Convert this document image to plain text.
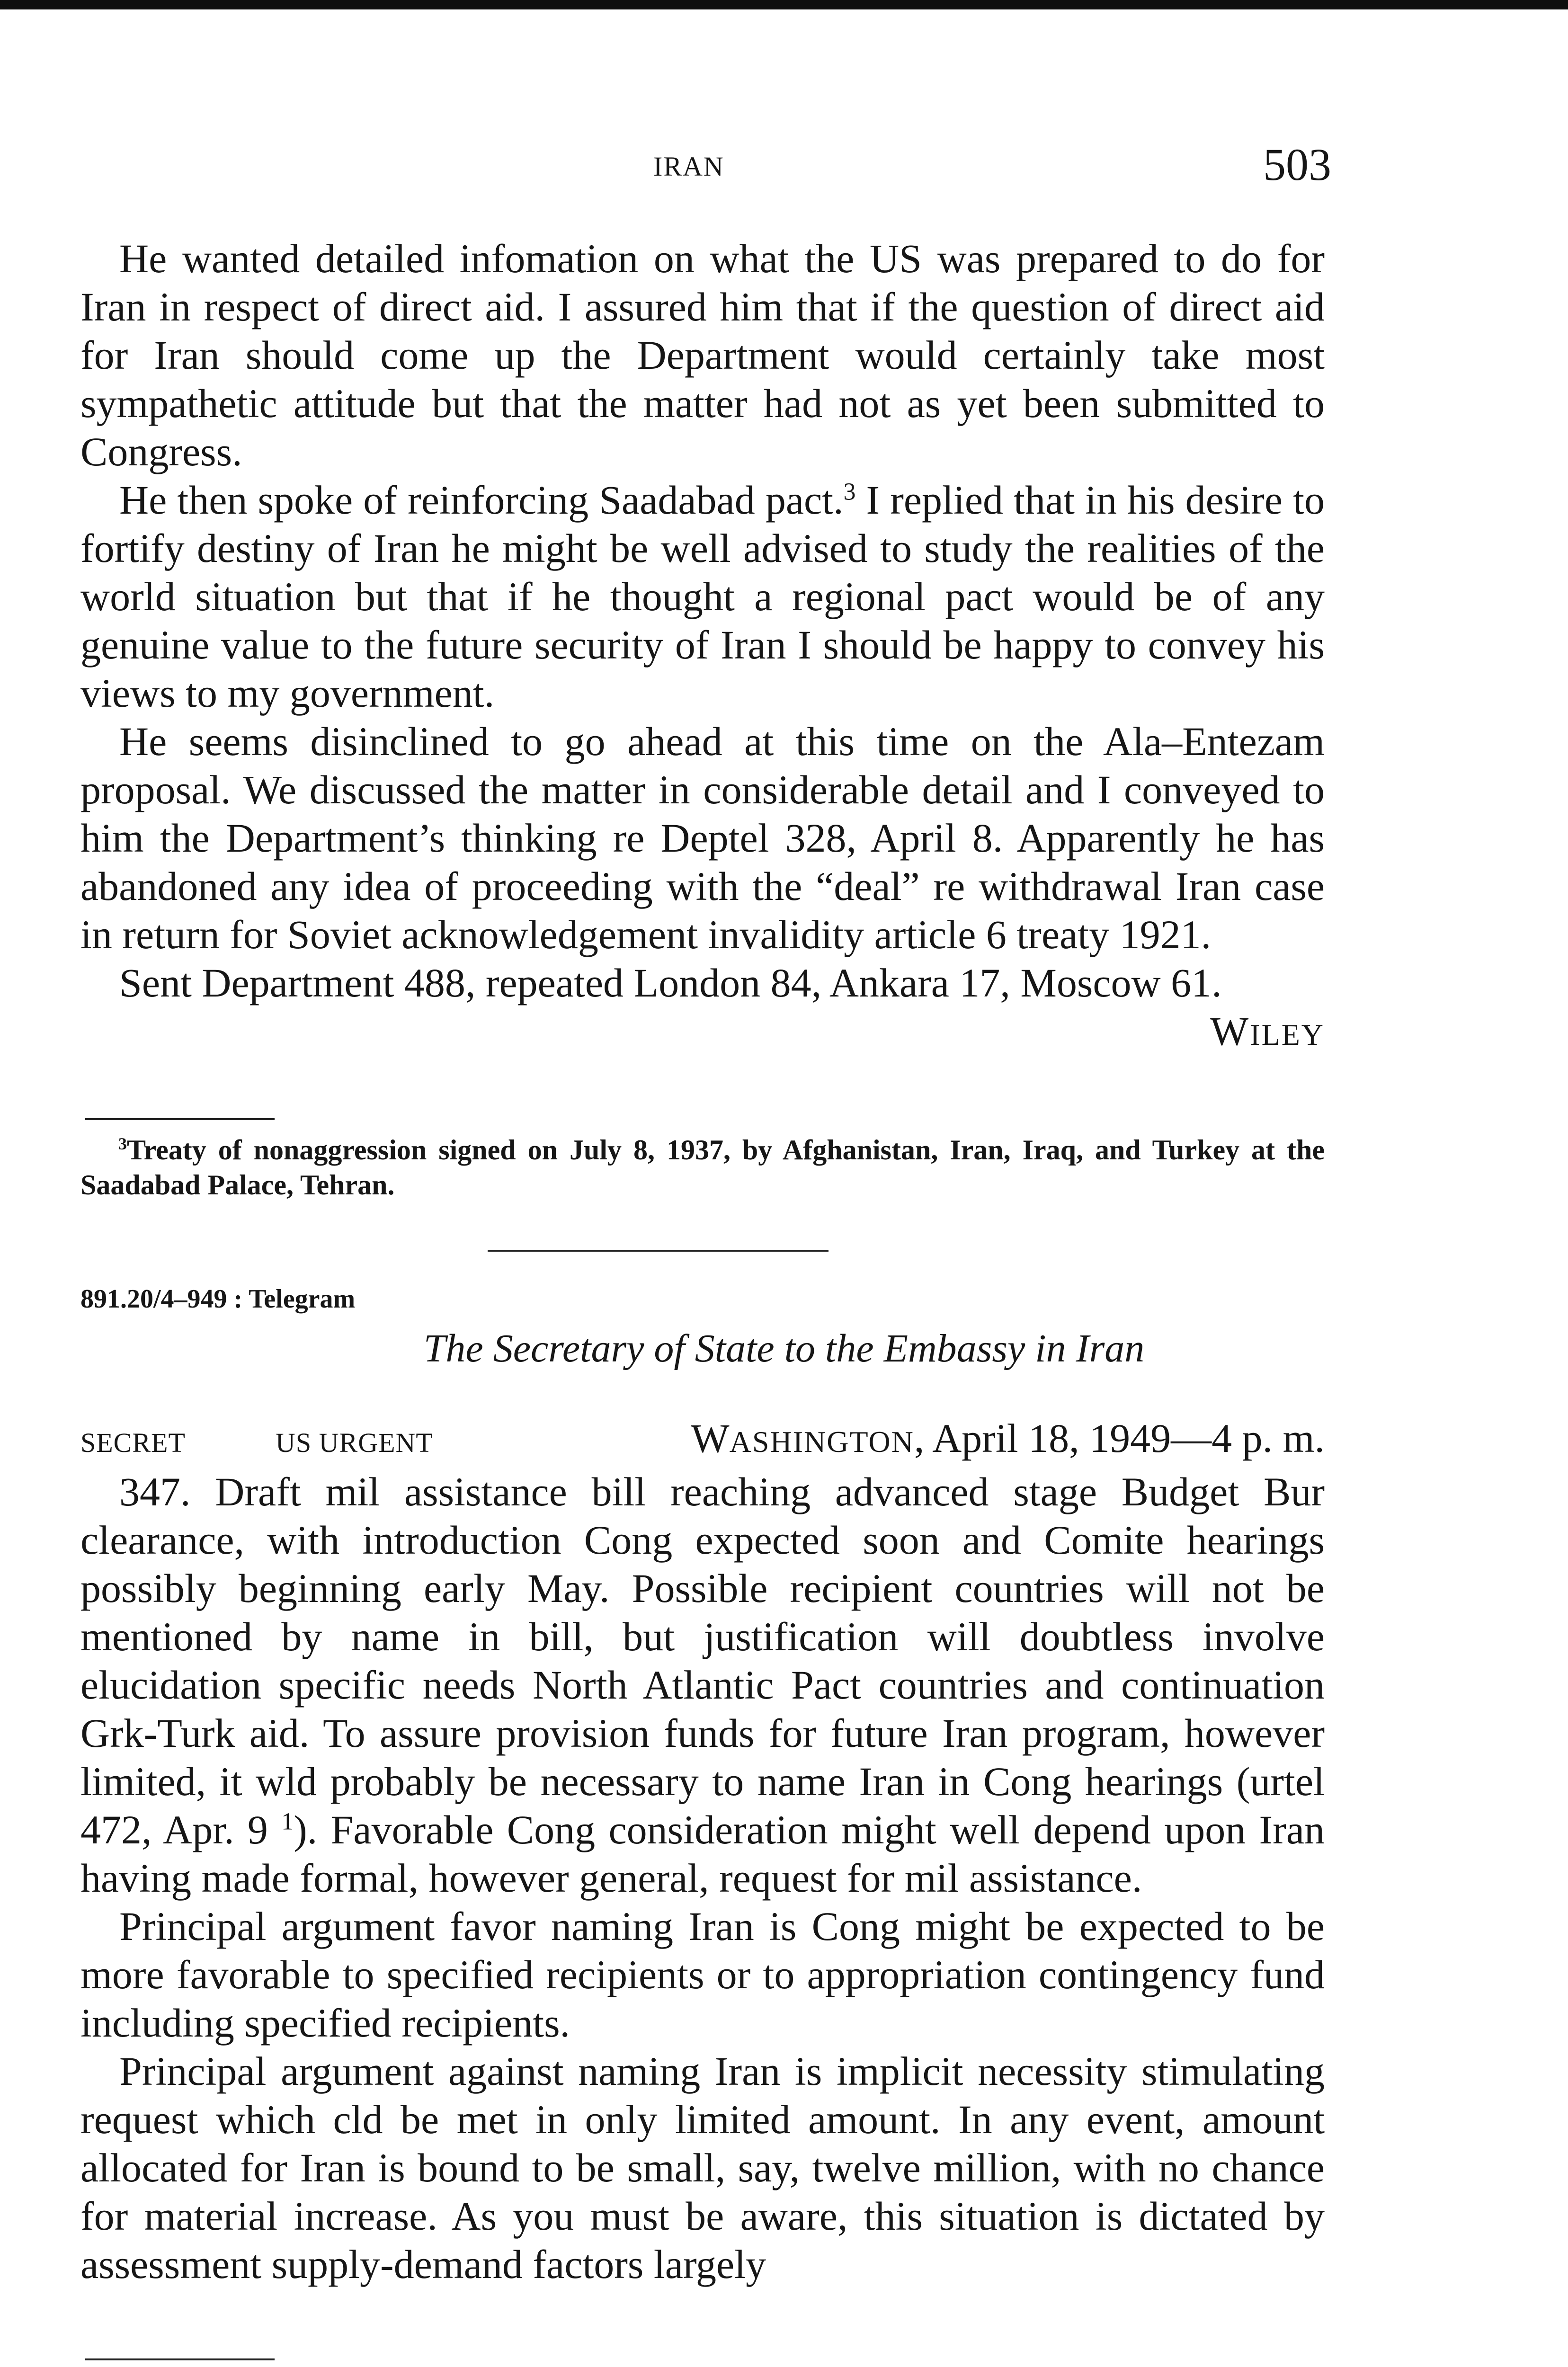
IRAN	503

He wanted detailed infomation on what the US was prepared to do for Iran in respect of direct aid. I assured him that if the question of direct aid for Iran should come up the Department would certainly take most sympathetic attitude but that the matter had not as yet been submitted to Congress.

He then spoke of reinforcing Saadabad pact.$^3$ I replied that in his desire to fortify destiny of Iran he might be well advised to study the realities of the world situation but that if he thought a regional pact would be of any genuine value to the future security of Iran I should be happy to convey his views to my government.

He seems disinclined to go ahead at this time on the Ala–Entezam proposal. We discussed the matter in considerable detail and I conveyed to him the Department’s thinking re Deptel 328, April 8. Apparently he has abandoned any idea of proceeding with the “deal” re withdrawal Iran case in return for Soviet acknowledgement invalidity article 6 treaty 1921.

Sent Department 488, repeated London 84, Ankara 17, Moscow 61.

WILEY
$^3$Treaty of nonaggression signed on July 8, 1937, by Afghanistan, Iran, Iraq, and Turkey at the Saadabad Palace, Tehran.
891.20/4–949 : Telegram
The Secretary of State to the Embassy in Iran
SECRET	US URGENT	WASHINGTON, April 18, 1949—4 p. m.

347. Draft mil assistance bill reaching advanced stage Budget Bur clearance, with introduction Cong expected soon and Comite hearings possibly beginning early May. Possible recipient countries will not be mentioned by name in bill, but justification will doubtless involve elucidation specific needs North Atlantic Pact countries and continuation Grk-Turk aid. To assure provision funds for future Iran program, however limited, it wld probably be necessary to name Iran in Cong hearings (urtel 472, Apr. 9 $^1$). Favorable Cong consideration might well depend upon Iran having made formal, however general, request for mil assistance.

Principal argument favor naming Iran is Cong might be expected to be more favorable to specified recipients or to appropriation contingency fund including specified recipients.

Principal argument against naming Iran is implicit necessity stimulating request which cld be met in only limited amount. In any event, amount allocated for Iran is bound to be small, say, twelve million, with no chance for material increase. As you must be aware, this situation is dictated by assessment supply-demand factors largely
